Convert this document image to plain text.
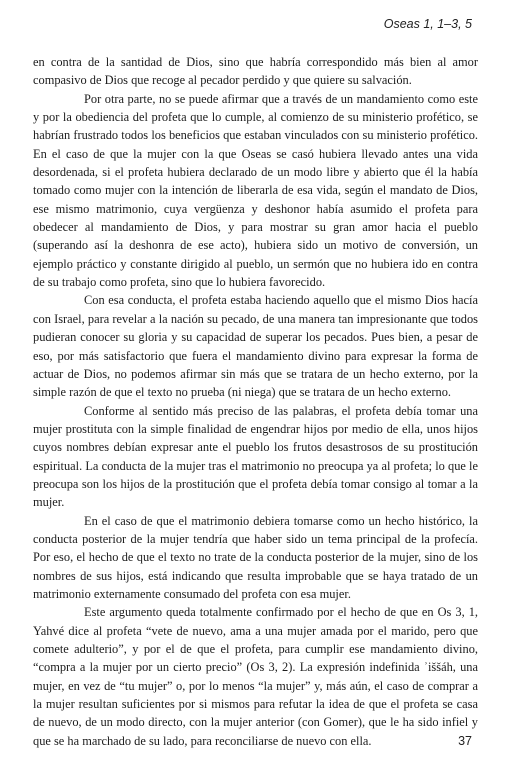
Oseas 1, 1–3, 5

en contra de la santidad de Dios, sino que habría correspondido más bien al amor compasivo de Dios que recoge al pecador perdido y que quiere su salvación.

Por otra parte, no se puede afirmar que a través de un mandamiento como este y por la obediencia del profeta que lo cumple, al comienzo de su ministerio profético, se habrían frustrado todos los beneficios que estaban vinculados con su ministerio profético. En el caso de que la mujer con la que Oseas se casó hubiera llevado antes una vida desordenada, si el profeta hubiera declarado de un modo libre y abierto que él la había tomado como mujer con la intención de liberarla de esa vida, según el mandato de Dios, ese mismo matrimonio, cuya vergüenza y deshonor había asumido el profeta para obedecer al mandamiento de Dios, y para mostrar su gran amor hacia el pueblo (superando así la deshonra de ese acto), hubiera sido un motivo de conversión, un ejemplo práctico y constante dirigido al pueblo, un sermón que no hubiera ido en contra de su trabajo como profeta, sino que lo hubiera favorecido.

Con esa conducta, el profeta estaba haciendo aquello que el mismo Dios hacía con Israel, para revelar a la nación su pecado, de una manera tan impresionante que todos pudieran conocer su gloria y su capacidad de superar los pecados. Pues bien, a pesar de eso, por más satisfactorio que fuera el mandamiento divino para expresar la forma de actuar de Dios, no podemos afirmar sin más que se tratara de un hecho externo, por la simple razón de que el texto no prueba (ni niega) que se tratara de un hecho externo.

Conforme al sentido más preciso de las palabras, el profeta debía tomar una mujer prostituta con la simple finalidad de engendrar hijos por medio de ella, unos hijos cuyos nombres debían expresar ante el pueblo los frutos desastrosos de su prostitución espiritual. La conducta de la mujer tras el matrimonio no preocupa ya al profeta; lo que le preocupa son los hijos de la prostitución que el profeta debía tomar consigo al tomar a la mujer.

En el caso de que el matrimonio debiera tomarse como un hecho histórico, la conducta posterior de la mujer tendría que haber sido un tema principal de la profecía. Por eso, el hecho de que el texto no trate de la conducta posterior de la mujer, sino de los nombres de sus hijos, está indicando que resulta improbable que se haya tratado de un matrimonio externamente consumado del profeta con esa mujer.

Este argumento queda totalmente confirmado por el hecho de que en Os 3, 1, Yahvé dice al profeta “vete de nuevo, ama a una mujer amada por el marido, pero que comete adulterio”, y por el de que el profeta, para cumplir ese mandamiento divino, “compra a la mujer por un cierto precio” (Os 3, 2). La expresión indefinida ʾiššáh, una mujer, en vez de “tu mujer” o, por lo menos “la mujer” y, más aún, el caso de comprar a la mujer resultan suficientes por si mismos para refutar la idea de que el profeta se casa de nuevo, de un modo directo, con la mujer anterior (con Gomer), que le ha sido infiel y que se ha marchado de su lado, para reconciliarse de nuevo con ella.	37
